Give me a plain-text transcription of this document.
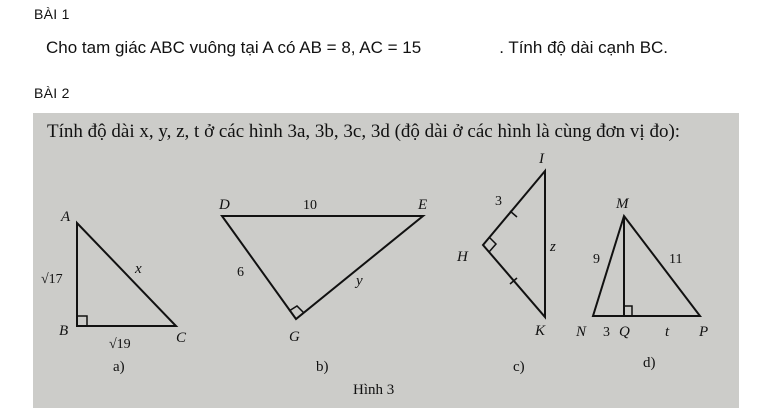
BÀI 1
Cho tam giác ABC vuông tại A có AB = 8, AC = 15	. Tính độ dài cạnh BC.
BÀI 2
Tính độ dài x, y, z, t ở các hình 3a, 3b, 3c, 3d (độ dài ở các hình là cùng đơn vị đo):
A
B	C
√17
√19
x
a)
D	E
G
10
6
y
b)
I
H
K
3
z
c)
M
N Q	P
9	11
3	t
d)
Hình 3
